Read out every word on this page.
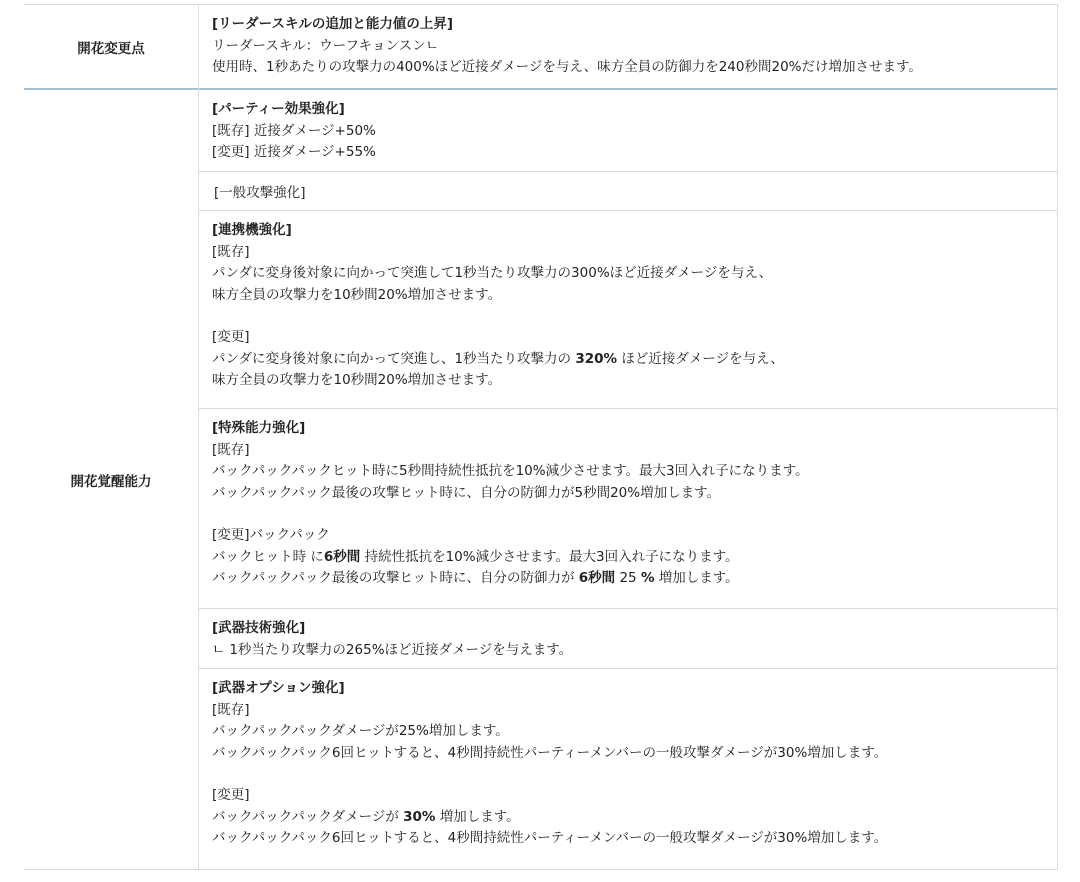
開花変更点
[リーダースキルの追加と能力値の上昇]
リーダースキル：ウーフキョンスンㄴ
使用時、1秒あたりの攻撃力の400%ほど近接ダメージを与え、味方全員の防御力を240秒間20%だけ増加させます。
開花覚醒能力
[パーティー効果強化]
[既存] 近接ダメージ+50%
[変更] 近接ダメージ+55%
[一般攻撃強化]
[連携機強化]
[既存]
パンダに変身後対象に向かって突進して1秒当たり攻撃力の300%ほど近接ダメージを与え、
味方全員の攻撃力を10秒間20%増加させます。
[変更]
パンダに変身後対象に向かって突進し、1秒当たり攻撃力の 320% ほど近接ダメージを与え、
味方全員の攻撃力を10秒間20%増加させます。
[特殊能力強化]
[既存]
バックパックパックヒット時に5秒間持続性抵抗を10%減少させます。最大3回入れ子になります。
バックパックパック最後の攻撃ヒット時に、自分の防御力が5秒間20%増加します。
[変更]バックパック
バックヒット時 に6秒間 持続性抵抗を10%減少させます。最大3回入れ子になります。
バックパックパック最後の攻撃ヒット時に、自分の防御力が 6秒間 25 % 増加します。
[武器技術強化]
ㄴ 1秒当たり攻撃力の265%ほど近接ダメージを与えます。
[武器オプション強化]
[既存]
バックパックパックダメージが25%増加します。
バックパックパック6回ヒットすると、4秒間持続性パーティーメンバーの一般攻撃ダメージが30%増加します。
[変更]
バックパックパックダメージが 30% 増加します。
バックパックパック6回ヒットすると、4秒間持続性パーティーメンバーの一般攻撃ダメージが30%増加します。
